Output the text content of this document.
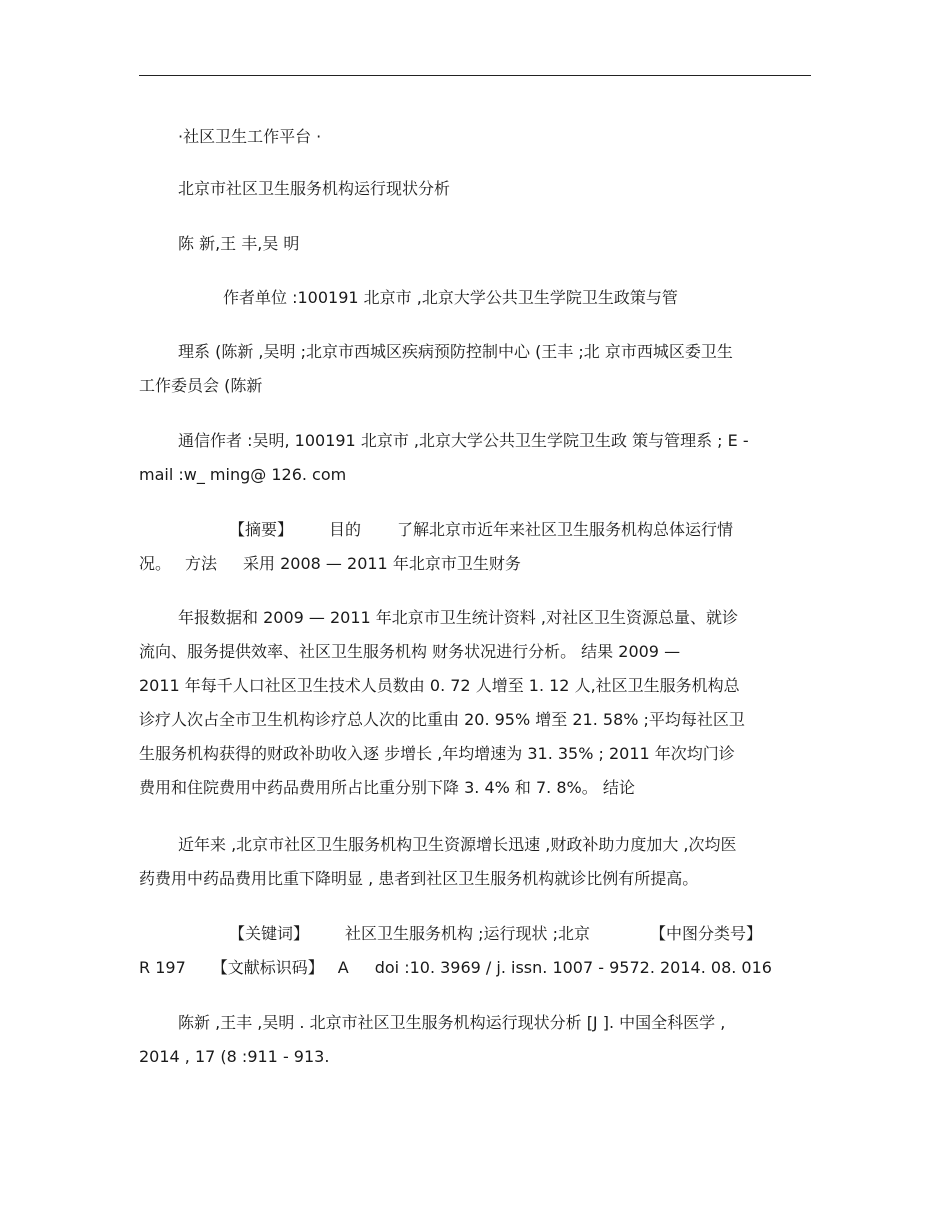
·社区卫生工作平台 ·
北京市社区卫生服务机构运行现状分析
陈 新,王 丰,吴 明
作者单位 :100191 北京市 ,北京大学公共卫生学院卫生政策与管
理系 (陈新 ,吴明 ;北京市西城区疾病预防控制中心 (王丰 ;北 京市西城区委卫生
工作委员会 (陈新
通信作者 :吴明, 100191 北京市 ,北京大学公共卫生学院卫生政 策与管理系 ; E -
mail :w_ ming@ 126. com
【摘要】 目的 了解北京市近年来社区卫生服务机构总体运行情
况。 方法 采用 2008 — 2011 年北京市卫生财务
年报数据和 2009 — 2011 年北京市卫生统计资料 ,对社区卫生资源总量、就诊
流向、服务提供效率、社区卫生服务机构 财务状况进行分析。 结果 2009 —
2011 年每千人口社区卫生技术人员数由 0. 72 人增至 1. 12 人,社区卫生服务机构总
诊疗人次占全市卫生机构诊疗总人次的比重由 20. 95% 增至 21. 58% ;平均每社区卫
生服务机构获得的财政补助收入逐 步增长 ,年均增速为 31. 35% ; 2011 年次均门诊
费用和住院费用中药品费用所占比重分别下降 3. 4% 和 7. 8%。 结论
近年来 ,北京市社区卫生服务机构卫生资源增长迅速 ,财政补助力度加大 ,次均医
药费用中药品费用比重下降明显 , 患者到社区卫生服务机构就诊比例有所提高。
【关键词】 社区卫生服务机构 ;运行现状 ;北京	【中图分类号】
R 197 【文献标识码】 A doi :10. 3969 / j. issn. 1007 - 9572. 2014. 08. 016
陈新 ,王丰 ,吴明 . 北京市社区卫生服务机构运行现状分析 [J ]. 中国全科医学 ,
2014 , 17 (8 :911 - 913.
